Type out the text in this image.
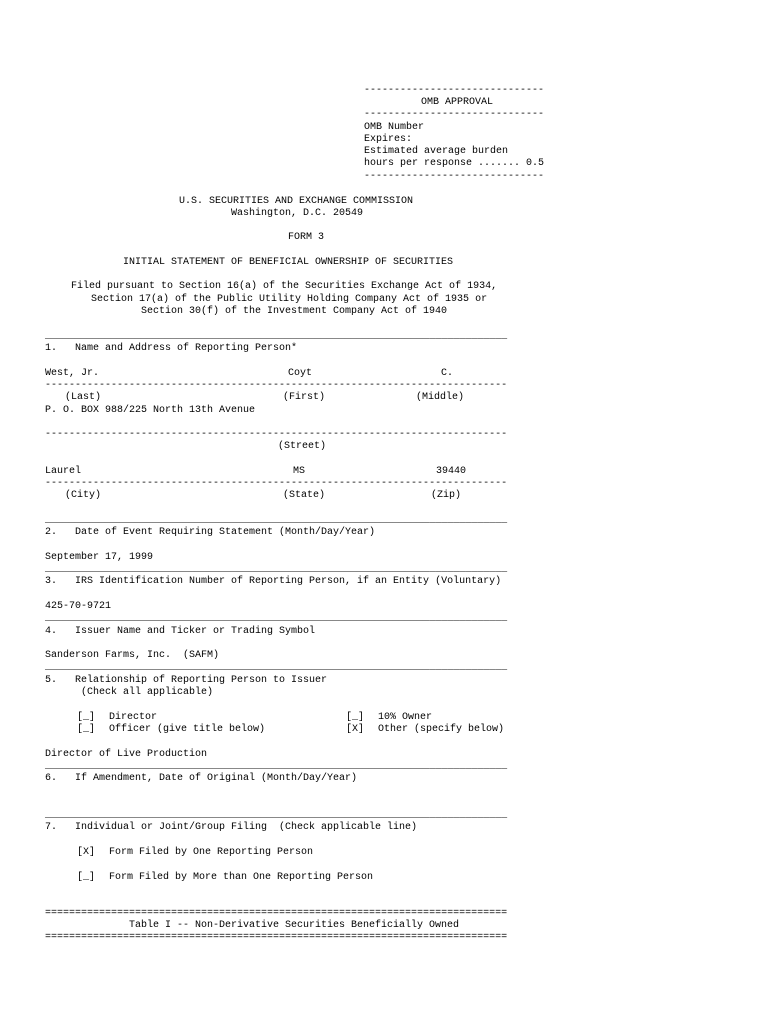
------------------------------
OMB APPROVAL
------------------------------
OMB Number
Expires:
Estimated average burden
hours per response ....... 0.5
------------------------------
U.S. SECURITIES AND EXCHANGE COMMISSION
Washington, D.C. 20549
FORM 3
INITIAL STATEMENT OF BENEFICIAL OWNERSHIP OF SECURITIES
Filed pursuant to Section 16(a) of the Securities Exchange Act of 1934,
Section 17(a) of the Public Utility Holding Company Act of 1935 or
Section 30(f) of the Investment Company Act of 1940
_____________________________________________________________________________
1.   Name and Address of Reporting Person*
West, Jr.	Coyt	C.
-----------------------------------------------------------------------------
(Last)	(First)	(Middle)
P. O. BOX 988/225 North 13th Avenue
-----------------------------------------------------------------------------
(Street)
Laurel	MS	39440
-----------------------------------------------------------------------------
(City)	(State)	(Zip)
_____________________________________________________________________________
2.   Date of Event Requiring Statement (Month/Day/Year)
September 17, 1999
_____________________________________________________________________________
3.   IRS Identification Number of Reporting Person, if an Entity (Voluntary)
425-70-9721
_____________________________________________________________________________
4.   Issuer Name and Ticker or Trading Symbol
Sanderson Farms, Inc.  (SAFM)
_____________________________________________________________________________
5.   Relationship of Reporting Person to Issuer
(Check all applicable)
[_] Director	[_] 10% Owner
[_] Officer (give title below)	[X] Other (specify below)
Director of Live Production
_____________________________________________________________________________
6.   If Amendment, Date of Original (Month/Day/Year)
_____________________________________________________________________________
7.   Individual or Joint/Group Filing  (Check applicable line)
[X] Form Filed by One Reporting Person
[_] Form Filed by More than One Reporting Person
=============================================================================
Table I -- Non-Derivative Securities Beneficially Owned
=============================================================================
